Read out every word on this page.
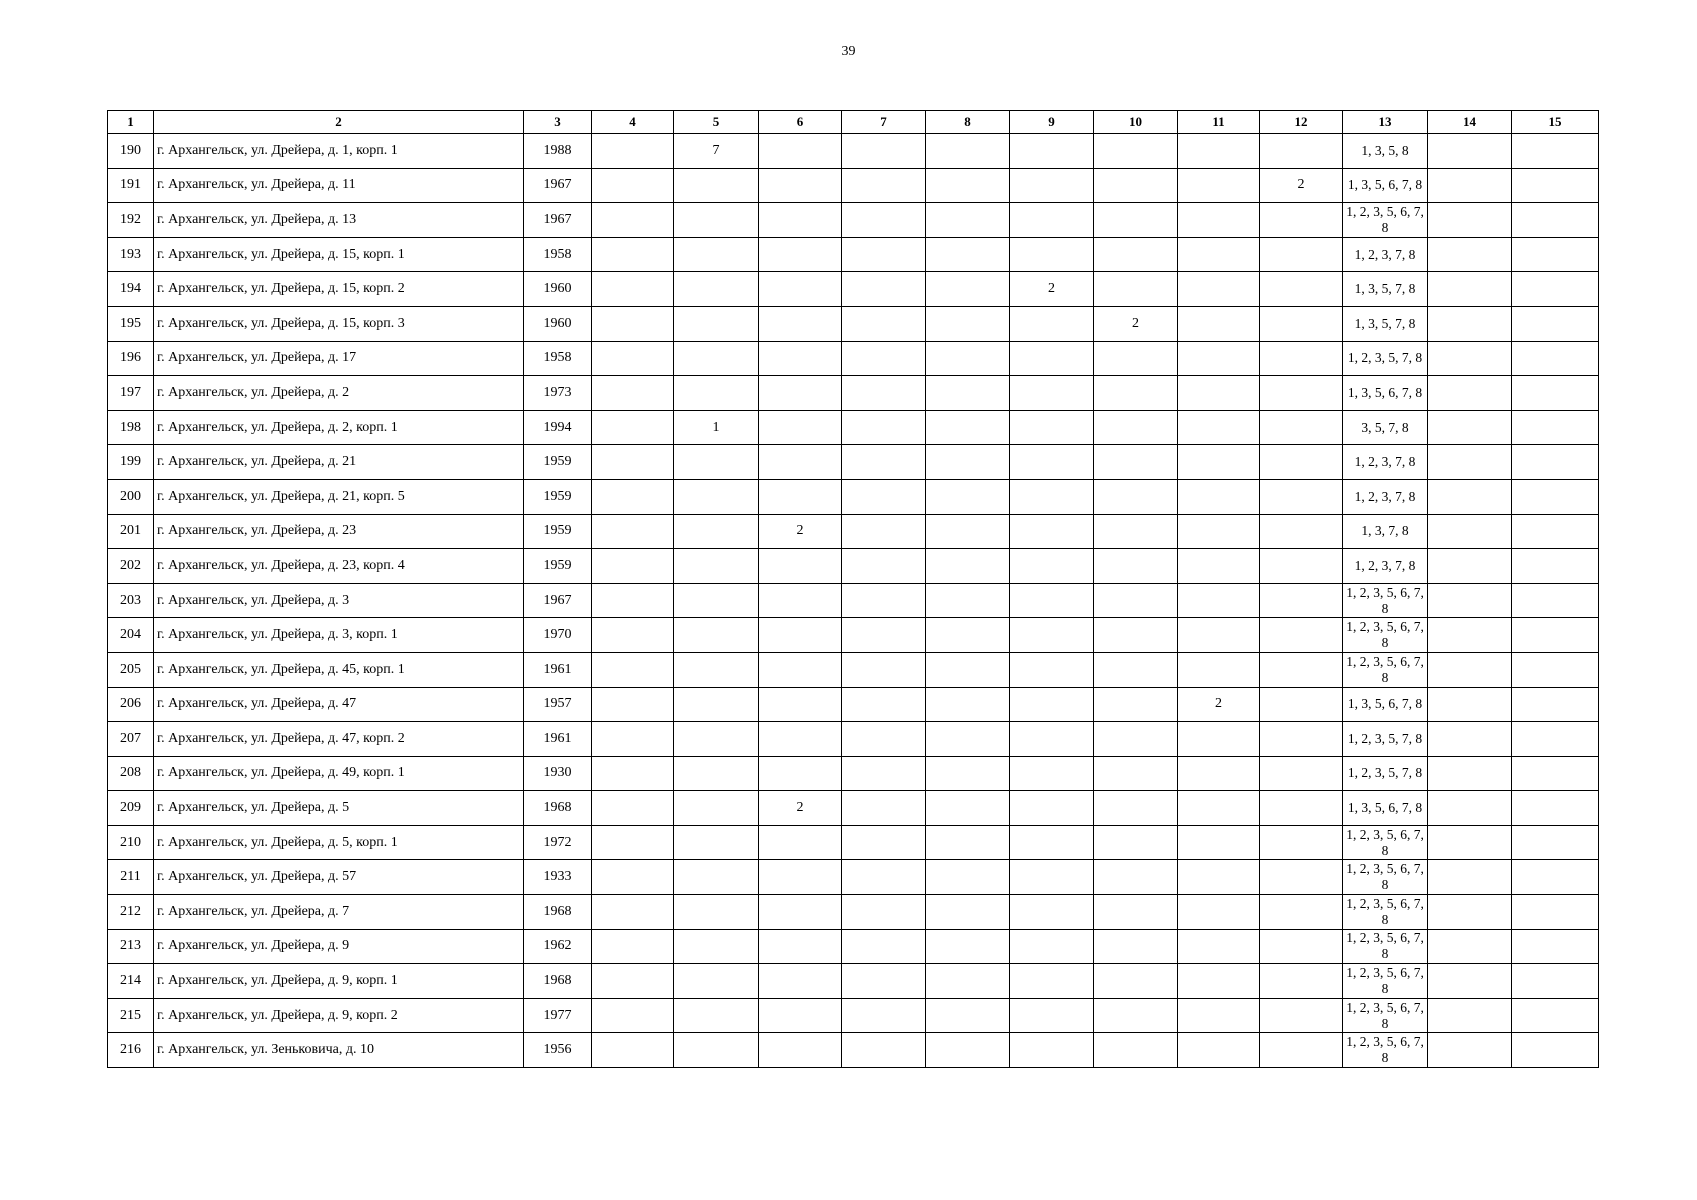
39
1	2	3	4	5	6	7	8	9	10	11	12	13	14	15
190	г. Архангельск, ул. Дрейера, д. 1, корп. 1	1988		7								1, 3, 5, 8		
191	г. Архангельск, ул. Дрейера, д. 11	1967									2	1, 3, 5, 6, 7, 8		
192	г. Архангельск, ул. Дрейера, д. 13	1967										1, 2, 3, 5, 6, 7, 8		
193	г. Архангельск, ул. Дрейера, д. 15, корп. 1	1958										1, 2, 3, 7, 8		
194	г. Архангельск, ул. Дрейера, д. 15, корп. 2	1960						2				1, 3, 5, 7, 8		
195	г. Архангельск, ул. Дрейера, д. 15, корп. 3	1960							2			1, 3, 5, 7, 8		
196	г. Архангельск, ул. Дрейера, д. 17	1958										1, 2, 3, 5, 7, 8		
197	г. Архангельск, ул. Дрейера, д. 2	1973										1, 3, 5, 6, 7, 8		
198	г. Архангельск, ул. Дрейера, д. 2, корп. 1	1994		1								3, 5, 7, 8		
199	г. Архангельск, ул. Дрейера, д. 21	1959										1, 2, 3, 7, 8		
200	г. Архангельск, ул. Дрейера, д. 21, корп. 5	1959										1, 2, 3, 7, 8		
201	г. Архангельск, ул. Дрейера, д. 23	1959			2							1, 3, 7, 8		
202	г. Архангельск, ул. Дрейера, д. 23, корп. 4	1959										1, 2, 3, 7, 8		
203	г. Архангельск, ул. Дрейера, д. 3	1967										1, 2, 3, 5, 6, 7, 8		
204	г. Архангельск, ул. Дрейера, д. 3, корп. 1	1970										1, 2, 3, 5, 6, 7, 8		
205	г. Архангельск, ул. Дрейера, д. 45, корп. 1	1961										1, 2, 3, 5, 6, 7, 8		
206	г. Архангельск, ул. Дрейера, д. 47	1957								2		1, 3, 5, 6, 7, 8		
207	г. Архангельск, ул. Дрейера, д. 47, корп. 2	1961										1, 2, 3, 5, 7, 8		
208	г. Архангельск, ул. Дрейера, д. 49, корп. 1	1930										1, 2, 3, 5, 7, 8		
209	г. Архангельск, ул. Дрейера, д. 5	1968			2							1, 3, 5, 6, 7, 8		
210	г. Архангельск, ул. Дрейера, д. 5, корп. 1	1972										1, 2, 3, 5, 6, 7, 8		
211	г. Архангельск, ул. Дрейера, д. 57	1933										1, 2, 3, 5, 6, 7, 8		
212	г. Архангельск, ул. Дрейера, д. 7	1968										1, 2, 3, 5, 6, 7, 8		
213	г. Архангельск, ул. Дрейера, д. 9	1962										1, 2, 3, 5, 6, 7, 8		
214	г. Архангельск, ул. Дрейера, д. 9, корп. 1	1968										1, 2, 3, 5, 6, 7, 8		
215	г. Архангельск, ул. Дрейера, д. 9, корп. 2	1977										1, 2, 3, 5, 6, 7, 8		
216	г. Архангельск, ул. Зеньковича, д. 10	1956										1, 2, 3, 5, 6, 7, 8		
